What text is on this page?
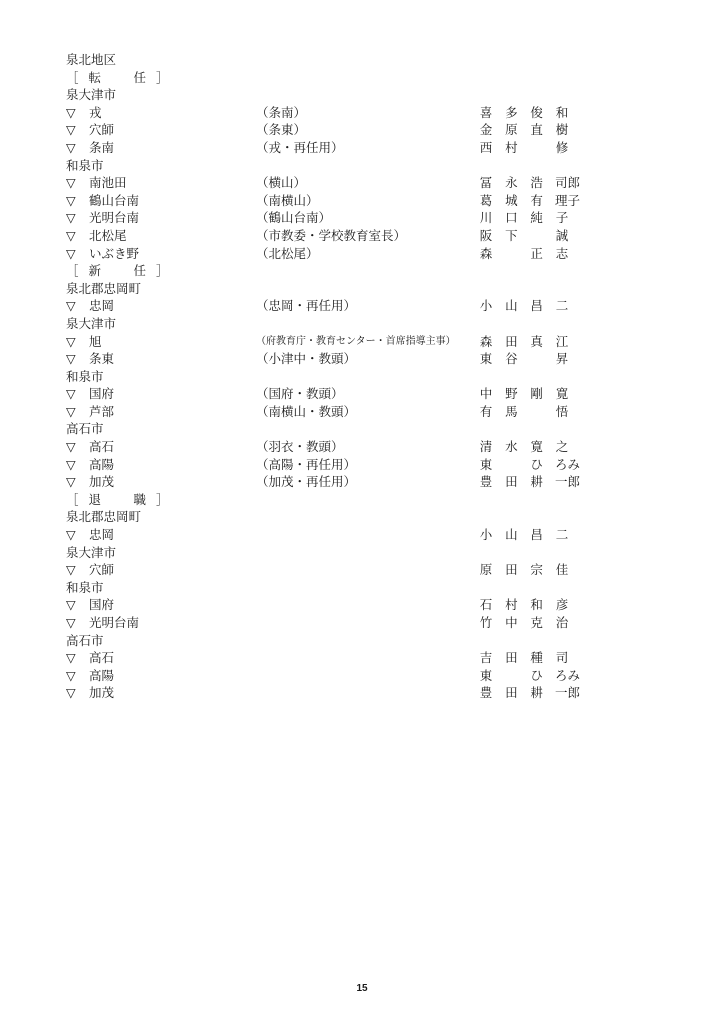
泉北地区
［ 転　任］
泉大津市
▽ 戎	（条南）	喜 多 俊 和
▽ 穴師	（条東）	金 原 直 樹
▽ 条南	（戎・再任用）	西 村	修
和泉市
▽ 南池田	（横山）	冨 永 浩 司郎
▽ 鶴山台南	（南横山）	葛 城 有 理子
▽ 光明台南	（鶴山台南）	川 口 純 子
▽ 北松尾	（市教委・学校教育室長）	阪 下	誠
▽ いぶき野	（北松尾）	森	正 志
［ 新　任］
泉北郡忠岡町
▽ 忠岡	（忠岡・再任用）	小 山 昌 二
泉大津市
▽ 旭	（府教育庁・教育センター・首席指導主事） 森 田 真 江
▽ 条東	（小津中・教頭）	東 谷	昇
和泉市
▽ 国府	（国府・教頭）	中 野 剛 寛
▽ 芦部	（南横山・教頭）	有 馬	悟
高石市
▽ 高石	（羽衣・教頭）	清 水 寛 之
▽ 高陽	（高陽・再任用）	東	ひ ろみ
▽ 加茂	（加茂・再任用）	豊 田 耕 一郎
［ 退　職］
泉北郡忠岡町
▽ 忠岡	小 山 昌 二
泉大津市
▽ 穴師	原 田 宗 佳
和泉市
▽ 国府	石 村 和 彦
▽ 光明台南	竹 中 克 治
高石市
▽ 高石	吉 田 種 司
▽ 高陽	東	ひ ろみ
▽ 加茂	豊 田 耕 一郎
15
